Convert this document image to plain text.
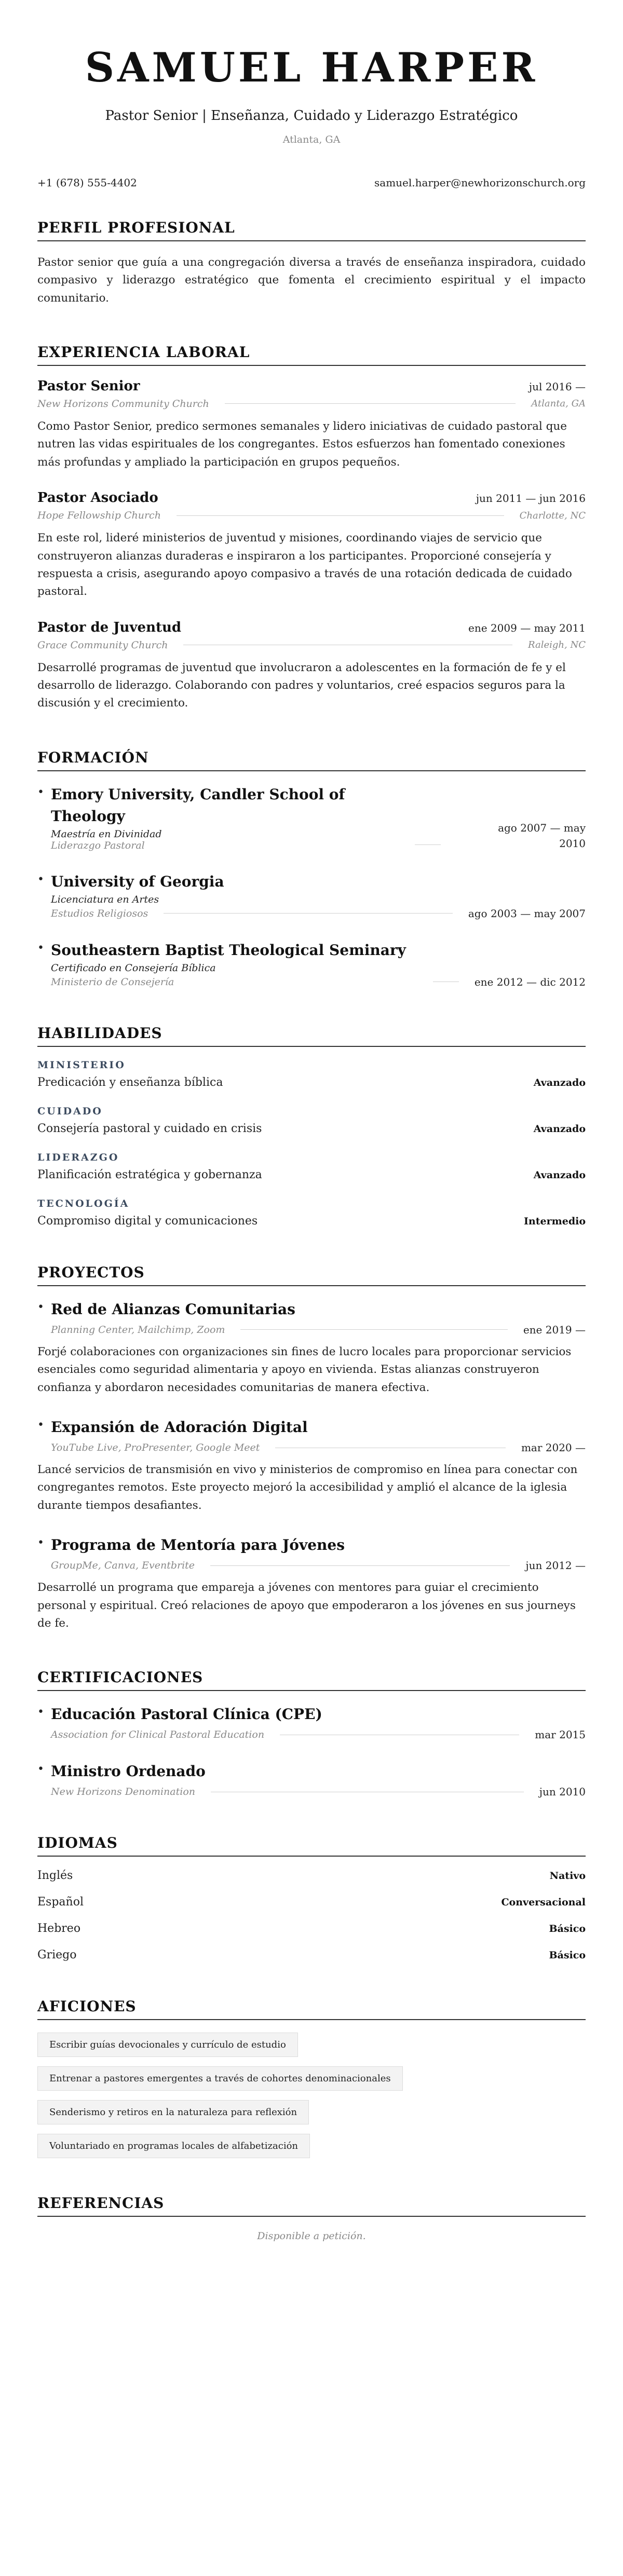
SAMUEL HARPER
Pastor Senior | Enseñanza, Cuidado y Liderazgo Estratégico
Atlanta, GA
+1 (678) 555-4402	samuel.harper@newhorizonschurch.org
PERFIL PROFESIONAL

Pastor senior que guía a una congregación diversa a través de enseñanza inspiradora, cuidado compasivo y liderazgo estratégico que fomenta el crecimiento espiritual y el impacto comunitario.

EXPERIENCIA LABORAL
Pastor Senior	jul 2016 —
New Horizons Community Church	Atlanta, GA

Como Pastor Senior, predico sermones semanales y lidero iniciativas de cuidado pastoral que nutren las vidas espirituales de los congregantes. Estos esfuerzos han fomentado conexiones más profundas y ampliado la participación en grupos pequeños.

Pastor Asociado	jun 2011 — jun 2016
Hope Fellowship Church	Charlotte, NC

En este rol, lideré ministerios de juventud y misiones, coordinando viajes de servicio que construyeron alianzas duraderas e inspiraron a los participantes. Proporcioné consejería y respuesta a crisis, asegurando apoyo compasivo a través de una rotación dedicada de cuidado pastoral.

Pastor de Juventud	ene 2009 — may 2011
Grace Community Church	Raleigh, NC

Desarrollé programas de juventud que involucraron a adolescentes en la formación de fe y el desarrollo de liderazgo. Colaborando con padres y voluntarios, creé espacios seguros para la discusión y el crecimiento.

FORMACIÓN
• Emory University, Candler School of Theology
Maestría en Divinidad
Liderazgo Pastoral
ago 2007 — may
2010
• University of Georgia
Licenciatura en Artes
Estudios Religiosos	ago 2003 — may 2007
• Southeastern Baptist Theological Seminary
Certificado en Consejería Bíblica
Ministerio de Consejería	ene 2012 — dic 2012
HABILIDADES
MINISTERIO
Predicación y enseñanza bíblica	Avanzado
CUIDADO
Consejería pastoral y cuidado en crisis	Avanzado
LIDERAZGO
Planificación estratégica y gobernanza	Avanzado
TECNOLOGÍA
Compromiso digital y comunicaciones	Intermedio
PROYECTOS
• Red de Alianzas Comunitarias
Planning Center, Mailchimp, Zoom	ene 2019 —

Forjé colaboraciones con organizaciones sin fines de lucro locales para proporcionar servicios esenciales como seguridad alimentaria y apoyo en vivienda. Estas alianzas construyeron confianza y abordaron necesidades comunitarias de manera efectiva.

• Expansión de Adoración Digital
YouTube Live, ProPresenter, Google Meet	mar 2020 —

Lancé servicios de transmisión en vivo y ministerios de compromiso en línea para conectar con congregantes remotos. Este proyecto mejoró la accesibilidad y amplió el alcance de la iglesia durante tiempos desafiantes.

• Programa de Mentoría para Jóvenes
GroupMe, Canva, Eventbrite	jun 2012 —

Desarrollé un programa que empareja a jóvenes con mentores para guiar el crecimiento personal y espiritual. Creó relaciones de apoyo que empoderaron a los jóvenes en sus journeys de fe.

CERTIFICACIONES
• Educación Pastoral Clínica (CPE)
Association for Clinical Pastoral Education	mar 2015
• Ministro Ordenado
New Horizons Denomination	jun 2010
IDIOMAS
Inglés	Nativo
Español	Conversacional
Hebreo	Básico
Griego	Básico
AFICIONES
Escribir guías devocionales y currículo de estudio
Entrenar a pastores emergentes a través de cohortes denominacionales
Senderismo y retiros en la naturaleza para reflexión
Voluntariado en programas locales de alfabetización
REFERENCIAS

Disponible a petición.
